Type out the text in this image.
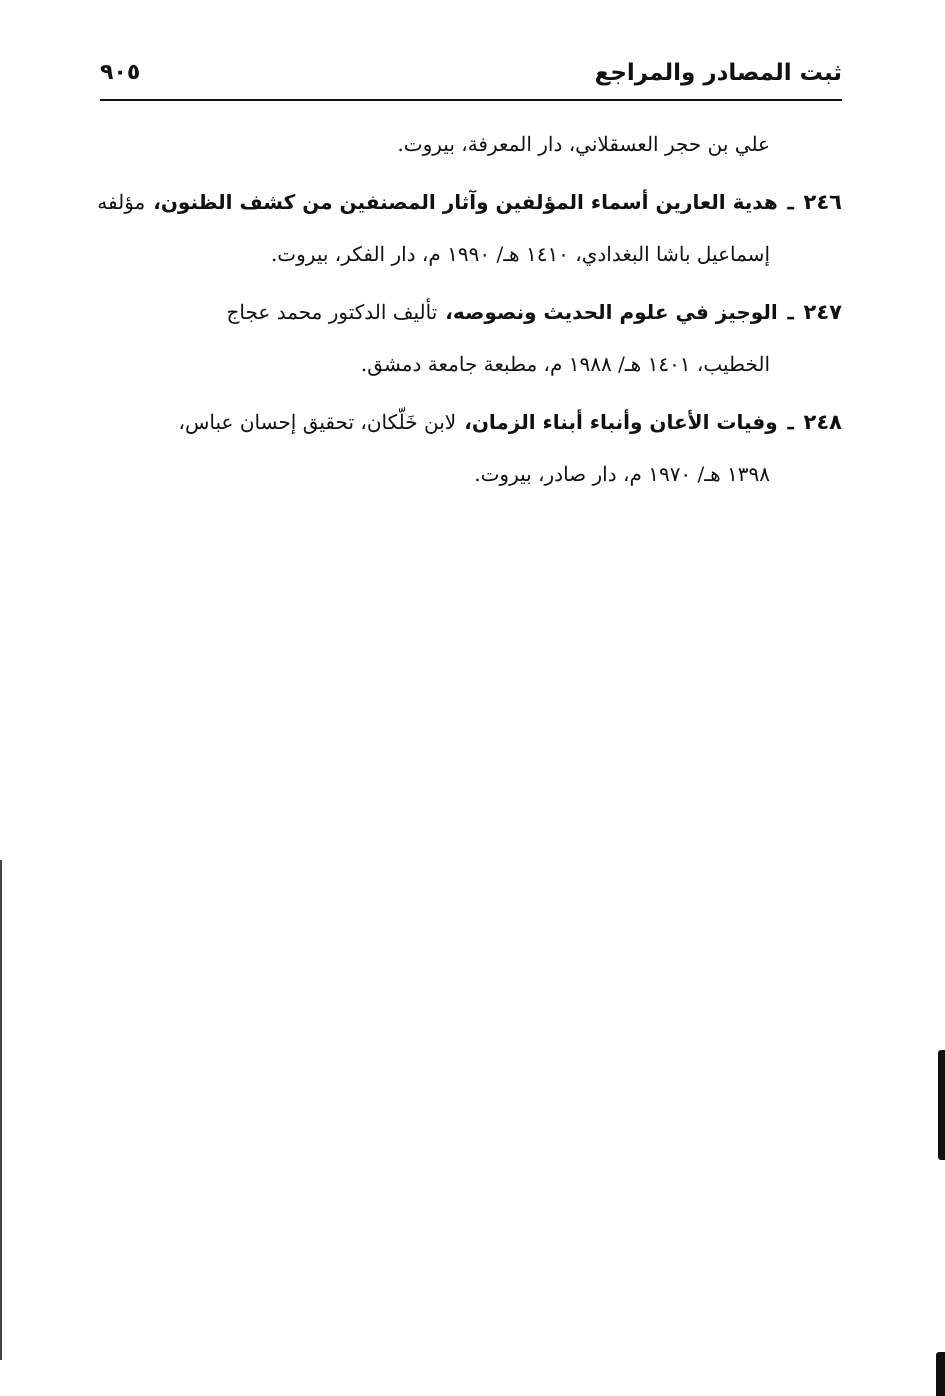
ثبت المصادر والمراجع
٩٠٥
علي بن حجر العسقلاني، دار المعرفة، بيروت.
٢٤٦
ـ
هدية العارين أسماء المؤلفين وآثار المصنفين من كشف الظنون،
مؤلفه
إسماعيل باشا البغدادي، ١٤١٠ هـ/ ١٩٩٠ م، دار الفكر، بيروت.
٢٤٧
ـ
الوجيز في علوم الحديث ونصوصه،
تأليف الدكتور محمد عجاج
الخطيب، ١٤٠١ هـ/ ١٩٨٨ م، مطبعة جامعة دمشق.
٢٤٨
ـ
وفيات الأعان وأنباء أبناء الزمان،
لابن خَلّكان، تحقيق إحسان عباس،
١٣٩٨ هـ/ ١٩٧٠ م، دار صادر، بيروت.
